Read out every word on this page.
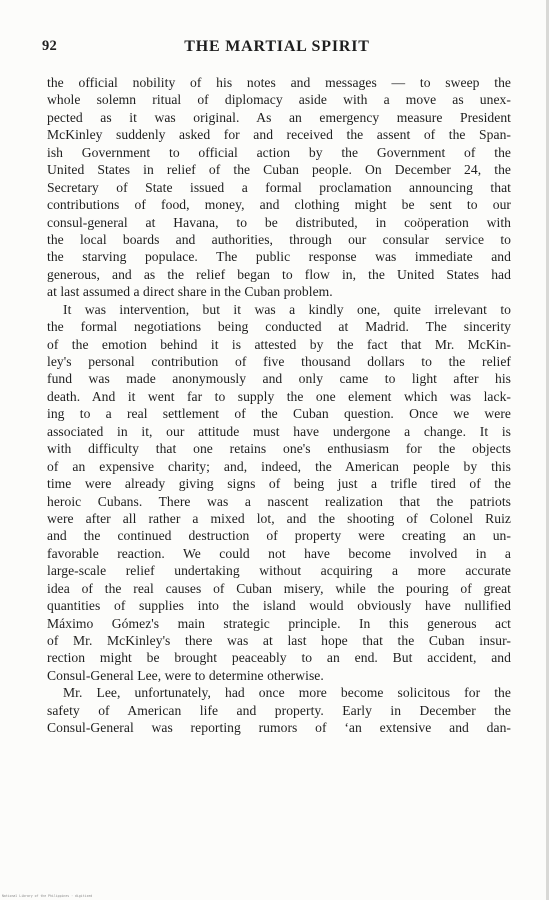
92	THE MARTIAL SPIRIT
the official nobility of his notes and messages — to sweep the
whole solemn ritual of diplomacy aside with a move as unex-
pected as it was original. As an emergency measure President
McKinley suddenly asked for and received the assent of the Span-
ish Government to official action by the Government of the
United States in relief of the Cuban people. On December 24, the
Secretary of State issued a formal proclamation announcing that
contributions of food, money, and clothing might be sent to our
consul-general at Havana, to be distributed, in coöperation with
the local boards and authorities, through our consular service to
the starving populace. The public response was immediate and
generous, and as the relief began to flow in, the United States had
at last assumed a direct share in the Cuban problem.
It was intervention, but it was a kindly one, quite irrelevant to
the formal negotiations being conducted at Madrid. The sincerity
of the emotion behind it is attested by the fact that Mr. McKin-
ley's personal contribution of five thousand dollars to the relief
fund was made anonymously and only came to light after his
death. And it went far to supply the one element which was lack-
ing to a real settlement of the Cuban question. Once we were
associated in it, our attitude must have undergone a change. It is
with difficulty that one retains one's enthusiasm for the objects
of an expensive charity; and, indeed, the American people by this
time were already giving signs of being just a trifle tired of the
heroic Cubans. There was a nascent realization that the patriots
were after all rather a mixed lot, and the shooting of Colonel Ruiz
and the continued destruction of property were creating an un-
favorable reaction. We could not have become involved in a
large-scale relief undertaking without acquiring a more accurate
idea of the real causes of Cuban misery, while the pouring of great
quantities of supplies into the island would obviously have nullified
Máximo Gómez's main strategic principle. In this generous act
of Mr. McKinley's there was at last hope that the Cuban insur-
rection might be brought peaceably to an end. But accident, and
Consul-General Lee, were to determine otherwise.
Mr. Lee, unfortunately, had once more become solicitous for the
safety of American life and property. Early in December the
Consul-General was reporting rumors of ‘an extensive and dan-
National Library of the Philippines · digitized
